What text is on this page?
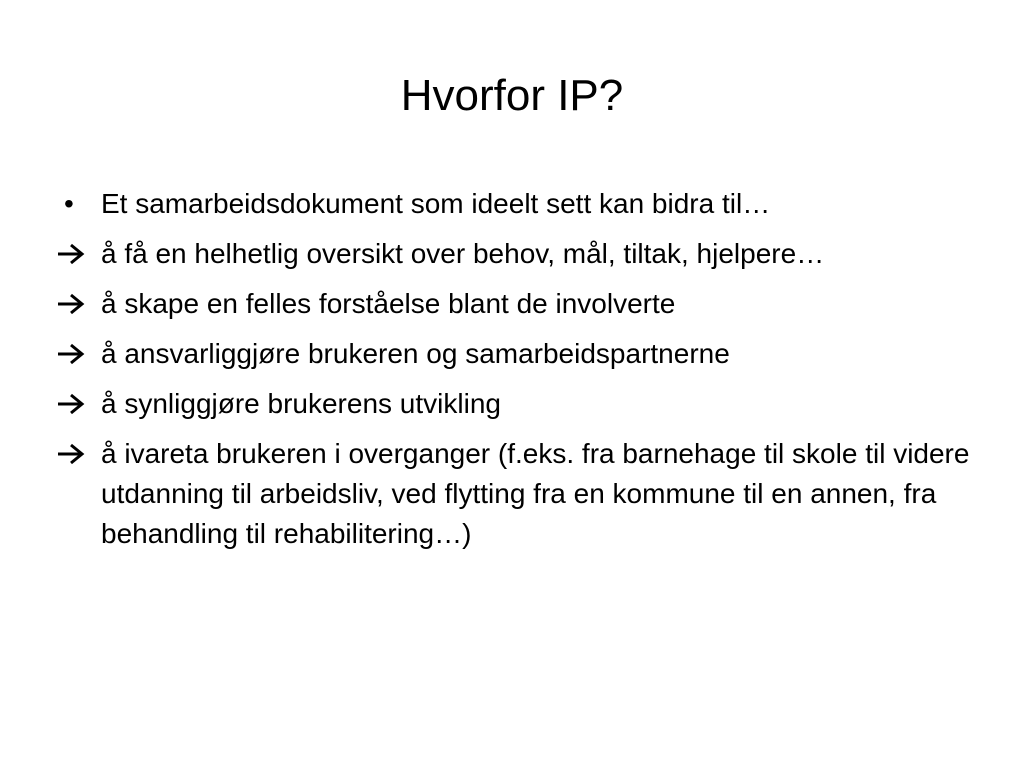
Hvorfor IP?
• Et samarbeidsdokument som ideelt sett kan bidra til…
å få en helhetlig oversikt over behov, mål, tiltak, hjelpere…
å skape en felles forståelse blant de involverte
å ansvarliggjøre brukeren og samarbeidspartnerne
å synliggjøre brukerens utvikling
å ivareta brukeren i overganger (f.eks. fra barnehage til skole til videre utdanning til arbeidsliv, ved flytting fra en kommune til en annen, fra behandling til rehabilitering…)
